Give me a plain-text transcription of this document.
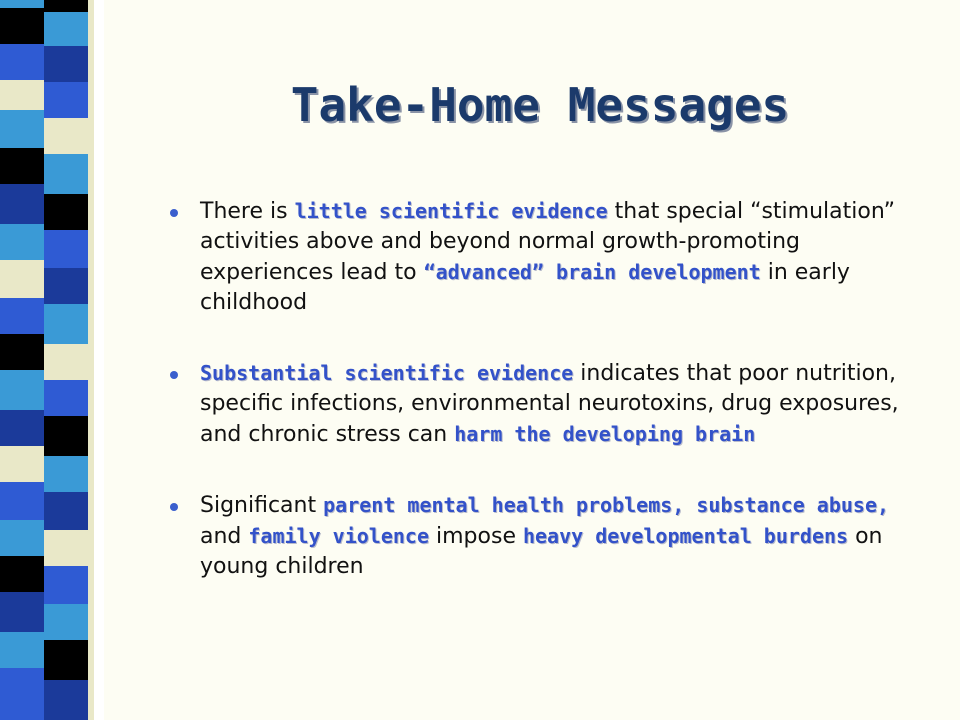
Take-Home Messages
There is little scientific evidence that special “stimulation” activities above and beyond normal growth-promoting experiences lead to “advanced” brain development in early childhood
Substantial scientific evidence indicates that poor nutrition, specific infections, environmental neurotoxins, drug exposures, and chronic stress can harm the developing brain
Significant parent mental health problems, substance abuse, and family violence impose heavy developmental burdens on young children
